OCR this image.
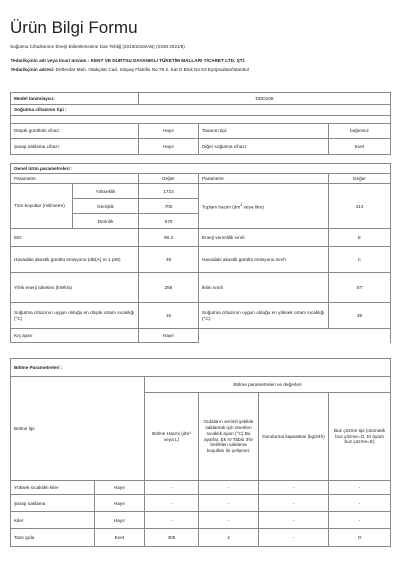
Ürün Bilgi Formu
Soğutma Cihazlarının Enerji Etiketlemesine Dair Tebliğ (2019/2016/AB) (SGM 2021/8)
Tedarikçinin adı veya ticari ünvanı : KENT VE DURTSU DAYANIKLI TÜKETİM MALLARI TİCARET LTD. ŞTİ.			
Tedarikçinin adresi: Defterdar Mah. Otakçılar Cad. Sinpaş Flatofis No:78 2. Kat D Blok No:63 Eyüpsultan/İstanbul			

Model tanımlayıcı:	DDD108		
Soğutma cihazının tipi :			

Düşük gürültülü cihaz:	Hayır	Tasarım tipi:	bağımsız
Şarap saklama cihazı:	Hayır	Diğer soğutma cihazı:	Evet
Genel ürün parametreleri :				
Parametre		Değer	Parametre	Değer
Tüm boyutlar (milimetre)	Yükseklik	1723	Toplam hacim ($dm^3$ veya litre)	413
	Genişlik	700		
	Derinlik	670		
EEI		99.2	Enerji verimlilik sınıfı	E
Havadaki akustik gürültü emisyonu (dB(A) re 1 pW)		39	Havadaki akustik gürültü emisyonu sınıfı	C
Yıllık enerji tüketimi (kWh/a)		256	İklim sınıfı	ST
Soğutma cihazının uygun olduğu en düşük ortam sıcaklığı (°C)		16	Soğutma cihazının uygun olduğu en yüksek ortam sıcaklığı (°C)	38
Kış ayarı		Hayır		
Bölme Parametreleri :					
Bölme tipi		Bölme parametreleri ve değerleri			
		Bölme Hacmi (dm³ veya L)	Gıdaların verimli şekilde saklamak için önerilen sıcaklık ayarı (°C) Bu ayarlar, Ek IV Tablo 3'te belirtilen saklama koşulları ile çelişmez	Dondurma kapasitesi (kg/24h)	Buz çözme tipi (otomatik buz çözme=O, El ayarlı buz çözme=E)
Yüksek sıcaklıklı kiler	Hayır	-	-	-	-
Şarap saklama	Hayır	-	-	-	-
Kiler	Hayır	-	-	-	-
Taze gıda	Evet	306	4	-	O
